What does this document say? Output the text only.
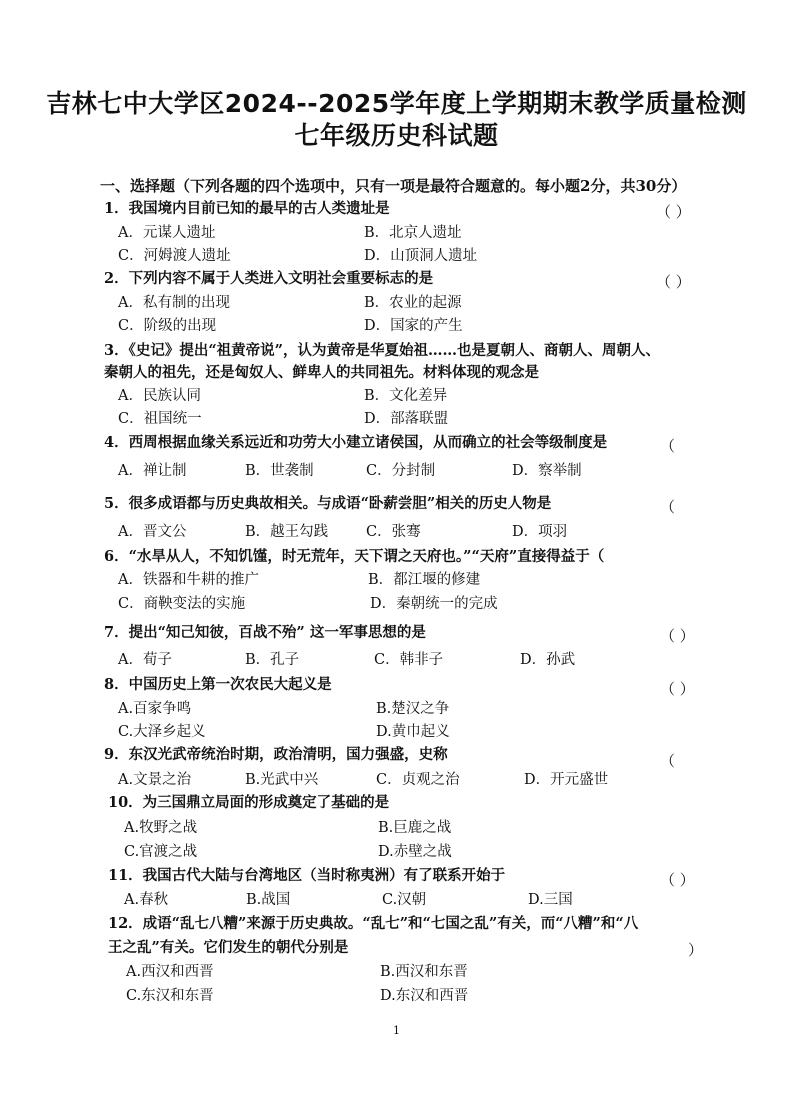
吉林七中大学区2024--2025学年度上学期期末教学质量检测
七年级历史科试题
一、选择题（下列各题的四个选项中，只有一项是最符合题意的。每小题2分，共30分）
1．我国境内目前已知的最早的古人类遗址是	（ ）
A．元谋人遗址	B．北京人遗址
C．河姆渡人遗址	D．山顶洞人遗址
2．下列内容不属于人类进入文明社会重要标志的是	（ ）
A．私有制的出现	B．农业的起源
C．阶级的出现	D．国家的产生
3．《史记》提出“祖黄帝说”，认为黄帝是华夏始祖……也是夏朝人、商朝人、周朝人、
秦朝人的祖先，还是匈奴人、鲜卑人的共同祖先。材料体现的观念是
A．民族认同	B．文化差异
C．祖国统一	D．部落联盟
4．西周根据血缘关系远近和功劳大小建立诸侯国，从而确立的社会等级制度是	（
A．禅让制	B．世袭制	C．分封制	D．察举制
5．很多成语都与历史典故相关。与成语“卧薪尝胆”相关的历史人物是	（
A．晋文公	B．越王勾践	C．张骞	D．项羽
6．“水旱从人，不知饥馑，时无荒年，天下谓之天府也。”“天府”直接得益于（
A．铁器和牛耕的推广	B．都江堰的修建
C．商鞅变法的实施	D．秦朝统一的完成
7．提出“知己知彼，百战不殆” 这一军事思想的是	（ ）
A．荀子	B．孔子	C．韩非子	D．孙武
8．中国历史上第一次农民大起义是	（ ）
A.百家争鸣	B.楚汉之争
C.大泽乡起义	D.黄巾起义
9．东汉光武帝统治时期，政治清明，国力强盛，史称	（
A.文景之治	B.光武中兴	C．贞观之治	D．开元盛世
10．为三国鼎立局面的形成奠定了基础的是
A.牧野之战	B.巨鹿之战
C.官渡之战	D.赤壁之战
11．我国古代大陆与台湾地区（当时称夷洲）有了联系开始于	（ ）
A.春秋	B.战国	C.汉朝	D.三国
12．成语“乱七八糟”来源于历史典故。“乱七”和“七国之乱”有关，而“八糟”和“八
王之乱”有关。它们发生的朝代分别是	）
A.西汉和西晋	B.西汉和东晋
C.东汉和东晋	D.东汉和西晋
1
